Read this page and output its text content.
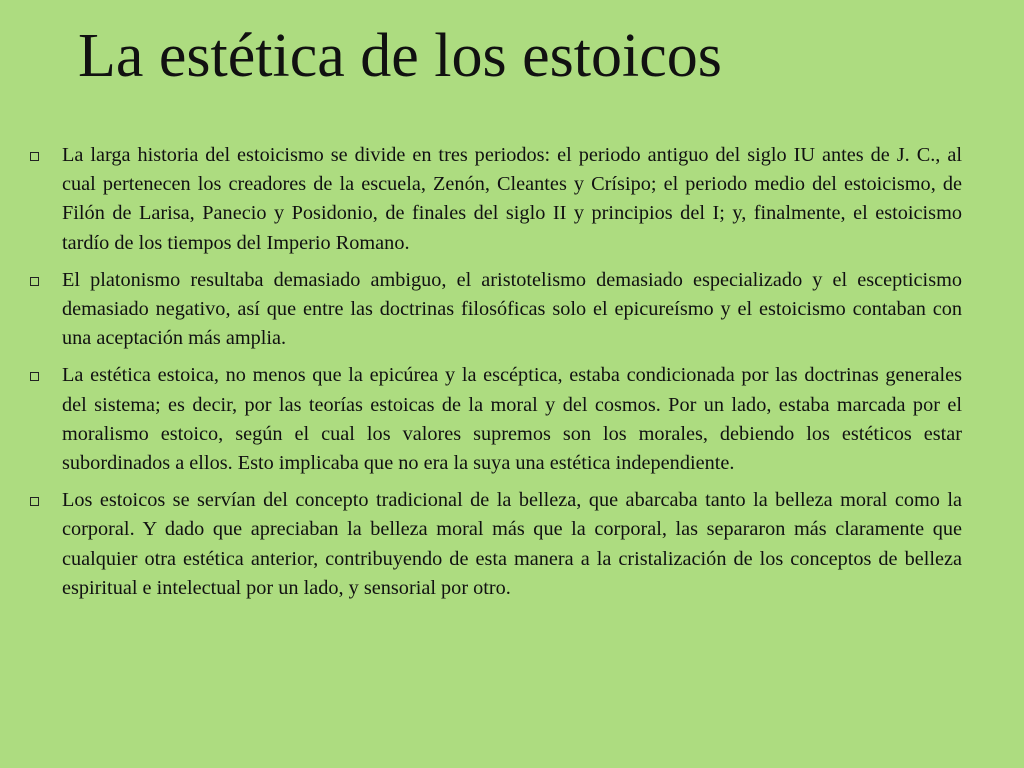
La estética de los estoicos
La larga historia del estoicismo se divide en tres periodos: el periodo antiguo del siglo IU antes de J. C., al cual pertenecen los creadores de la escuela, Zenón, Cleantes y Crísipo; el periodo medio del estoicismo, de Filón de Larisa, Panecio y Posidonio, de finales del siglo II y principios del I; y, finalmente, el estoicismo tardío de los tiempos del Imperio Romano.
El platonismo resultaba demasiado ambiguo, el aristotelismo demasiado especializado y el escepticismo demasiado negativo, así que entre las doctrinas filosóficas solo el epicureísmo y el estoicismo contaban con una aceptación más amplia.
La estética estoica, no menos que la epicúrea y la escéptica, estaba condicionada por las doctrinas generales del sistema; es decir, por las teorías estoicas de la moral y del cosmos. Por un lado, estaba marcada por el moralismo estoico, según el cual los valores supremos son los morales, debiendo los estéticos estar subordinados a ellos. Esto implicaba que no era la suya una estética independiente.
Los estoicos se servían del concepto tradicional de la belleza, que abarcaba tanto la belleza moral como la corporal. Y dado que apreciaban la belleza moral más que la corporal, las separaron más claramente que cualquier otra estética anterior, contribuyendo de esta manera a la cristalización de los conceptos de belleza espiritual e intelectual por un lado, y sensorial por otro.
